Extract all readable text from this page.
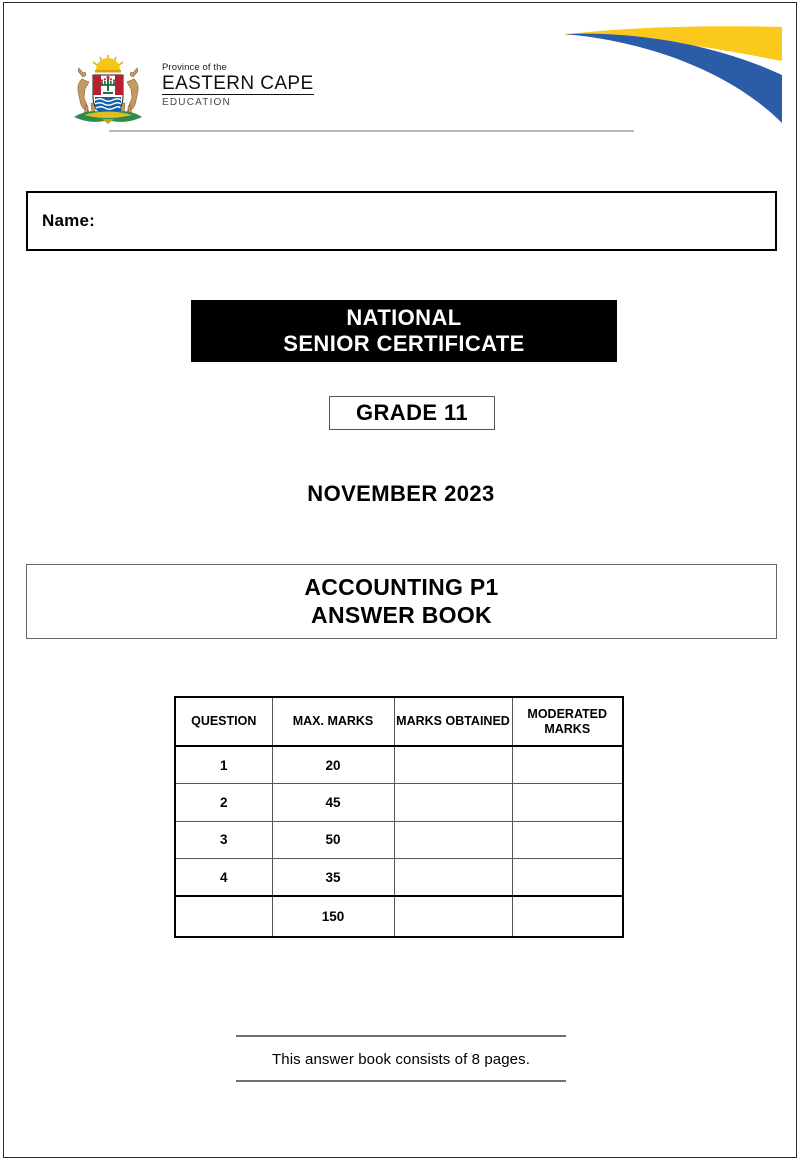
Province of the
EASTERN CAPE
EDUCATION
Name:
NATIONAL
SENIOR CERTIFICATE
GRADE 11
NOVEMBER 2023
ACCOUNTING P1
ANSWER BOOK
QUESTION	MAX. MARKS	MARKS OBTAINED	MODERATED MARKS
1	20		
2	45		
3	50		
4	35		
	150		
This answer book consists of 8 pages.
